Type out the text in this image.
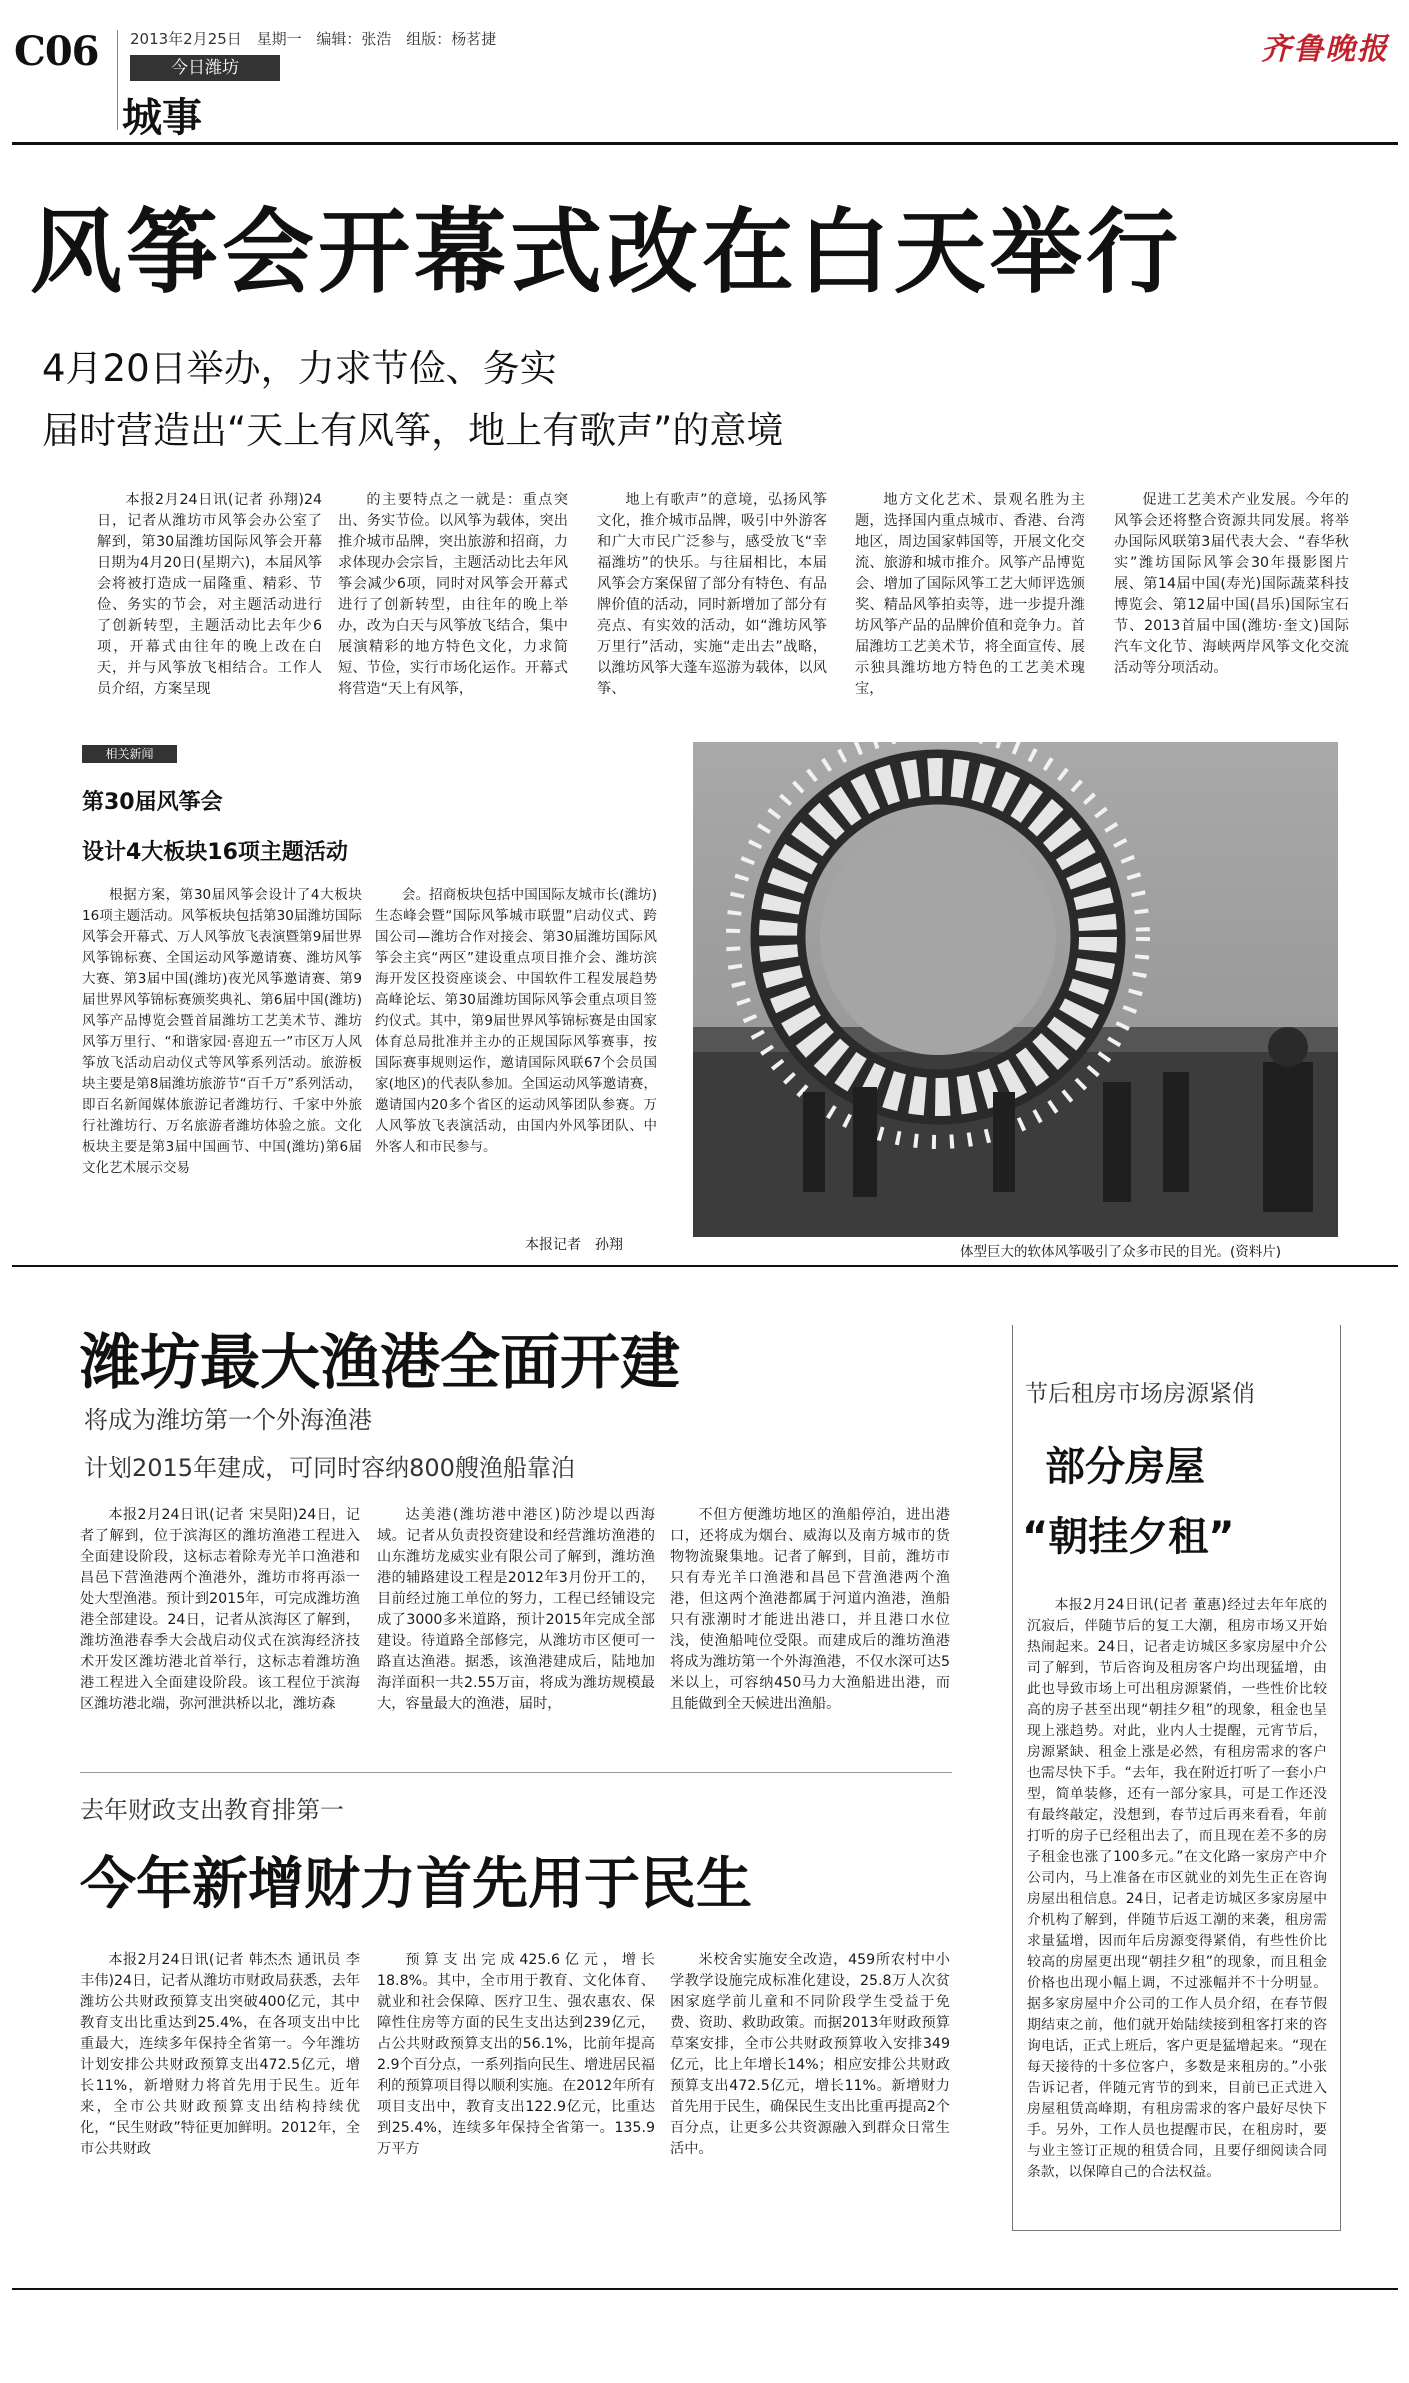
C06 2013年2月25日 星期一 编辑：张浩 组版：杨茗捷
今日潍坊
城事
齐鲁晚报
风筝会开幕式改在白天举行
4月20日举办，力求节俭、务实
届时营造出“天上有风筝，地上有歌声”的意境

本报2月24日讯(记者 孙翔)24日，记者从潍坊市风筝会办公室了解到，第30届潍坊国际风筝会开幕日期为4月20日(星期六)，本届风筝会将被打造成一届隆重、精彩、节俭、务实的节会，对主题活动进行了创新转型，主题活动比去年少6项，开幕式由往年的晚上改在白天，并与风筝放飞相结合。工作人员介绍，方案呈现

的主要特点之一就是：重点突出、务实节俭。以风筝为载体，突出推介城市品牌，突出旅游和招商，力求体现办会宗旨，主题活动比去年风筝会减少6项，同时对风筝会开幕式进行了创新转型，由往年的晚上举办，改为白天与风筝放飞结合，集中展演精彩的地方特色文化，力求简短、节俭，实行市场化运作。开幕式将营造“天上有风筝，

地上有歌声”的意境，弘扬风筝文化，推介城市品牌，吸引中外游客和广大市民广泛参与，感受放飞“幸福潍坊”的快乐。与往届相比，本届风筝会方案保留了部分有特色、有品牌价值的活动，同时新增加了部分有亮点、有实效的活动，如“潍坊风筝万里行”活动，实施“走出去”战略，以潍坊风筝大蓬车巡游为载体，以风筝、

地方文化艺术、景观名胜为主题，选择国内重点城市、香港、台湾地区，周边国家韩国等，开展文化交流、旅游和城市推介。风筝产品博览会、增加了国际风筝工艺大师评选颁奖、精品风筝拍卖等，进一步提升潍坊风筝产品的品牌价值和竞争力。首届潍坊工艺美术节，将全面宣传、展示独具潍坊地方特色的工艺美术瑰宝，

促进工艺美术产业发展。今年的风筝会还将整合资源共同发展。将举办国际风联第3届代表大会、“春华秋实”潍坊国际风筝会30年摄影图片展、第14届中国(寿光)国际蔬菜科技博览会、第12届中国(昌乐)国际宝石节、2013首届中国(潍坊·奎文)国际汽车文化节、海峡两岸风筝文化交流活动等分项活动。

相关新闻
第30届风筝会
设计4大板块16项主题活动

根据方案，第30届风筝会设计了4大板块16项主题活动。风筝板块包括第30届潍坊国际风筝会开幕式、万人风筝放飞表演暨第9届世界风筝锦标赛、全国运动风筝邀请赛、潍坊风筝大赛、第3届中国(潍坊)夜光风筝邀请赛、第9届世界风筝锦标赛颁奖典礼、第6届中国(潍坊)风筝产品博览会暨首届潍坊工艺美术节、潍坊风筝万里行、“和谐家园·喜迎五一”市区万人风筝放飞活动启动仪式等风筝系列活动。旅游板块主要是第8届潍坊旅游节“百千万”系列活动，即百名新闻媒体旅游记者潍坊行、千家中外旅行社潍坊行、万名旅游者潍坊体验之旅。文化板块主要是第3届中国画节、中国(潍坊)第6届文化艺术展示交易

会。招商板块包括中国国际友城市长(潍坊)生态峰会暨“国际风筝城市联盟”启动仪式、跨国公司—潍坊合作对接会、第30届潍坊国际风筝会主宾“两区”建设重点项目推介会、潍坊滨海开发区投资座谈会、中国软件工程发展趋势高峰论坛、第30届潍坊国际风筝会重点项目签约仪式。其中，第9届世界风筝锦标赛是由国家体育总局批准并主办的正规国际风筝赛事，按国际赛事规则运作，邀请国际风联67个会员国家(地区)的代表队参加。全国运动风筝邀请赛，邀请国内20多个省区的运动风筝团队参赛。万人风筝放飞表演活动，由国内外风筝团队、中外客人和市民参与。

本报记者　孙翔	体型巨大的软体风筝吸引了众多市民的目光。(资料片)
潍坊最大渔港全面开建
将成为潍坊第一个外海渔港
计划2015年建成，可同时容纳800艘渔船靠泊

本报2月24日讯(记者 宋昊阳)24日，记者了解到，位于滨海区的潍坊渔港工程进入全面建设阶段，这标志着除寿光羊口渔港和昌邑下营渔港两个渔港外，潍坊市将再添一处大型渔港。预计到2015年，可完成潍坊渔港全部建设。24日，记者从滨海区了解到，潍坊渔港春季大会战启动仪式在滨海经济技术开发区潍坊港北首举行，这标志着潍坊渔港工程进入全面建设阶段。该工程位于滨海区潍坊港北端，弥河泄洪桥以北，潍坊森

达美港(潍坊港中港区)防沙堤以西海域。记者从负责投资建设和经营潍坊渔港的山东潍坊龙威实业有限公司了解到，潍坊渔港的辅路建设工程是2012年3月份开工的，目前经过施工单位的努力，工程已经铺设完成了3000多米道路，预计2015年完成全部建设。待道路全部修完，从潍坊市区便可一路直达渔港。据悉，该渔港建成后，陆地加海洋面积一共2.55万亩，将成为潍坊规模最大，容量最大的渔港，届时，

不但方便潍坊地区的渔船停泊，进出港口，还将成为烟台、威海以及南方城市的货物物流聚集地。记者了解到，目前，潍坊市只有寿光羊口渔港和昌邑下营渔港两个渔港，但这两个渔港都属于河道内渔港，渔船只有涨潮时才能进出港口，并且港口水位浅，使渔船吨位受限。而建成后的潍坊渔港将成为潍坊第一个外海渔港，不仅水深可达5米以上，可容纳450马力大渔船进出港，而且能做到全天候进出渔船。

去年财政支出教育排第一
今年新增财力首先用于民生

本报2月24日讯(记者 韩杰杰 通讯员 李丰伟)24日，记者从潍坊市财政局获悉，去年潍坊公共财政预算支出突破400亿元，其中教育支出比重达到25.4%，在各项支出中比重最大，连续多年保持全省第一。今年潍坊计划安排公共财政预算支出472.5亿元，增长11%，新增财力将首先用于民生。近年来，全市公共财政预算支出结构持续优化，“民生财政”特征更加鲜明。2012年，全市公共财政

预算支出完成425.6亿元，增长18.8%。其中，全市用于教育、文化体育、就业和社会保障、医疗卫生、强农惠农、保障性住房等方面的民生支出达到239亿元，占公共财政预算支出的56.1%，比前年提高2.9个百分点，一系列指向民生、增进居民福利的预算项目得以顺利实施。在2012年所有项目支出中，教育支出122.9亿元，比重达到25.4%，连续多年保持全省第一。135.9万平方

米校舍实施安全改造，459所农村中小学教学设施完成标准化建设，25.8万人次贫困家庭学前儿童和不同阶段学生受益于免费、资助、救助政策。而据2013年财政预算草案安排，全市公共财政预算收入安排349亿元，比上年增长14%；相应安排公共财政预算支出472.5亿元，增长11%。新增财力首先用于民生，确保民生支出比重再提高2个百分点，让更多公共资源融入到群众日常生活中。

节后租房市场房源紧俏
部分房屋
“朝挂夕租”

本报2月24日讯(记者 董惠)经过去年年底的沉寂后，伴随节后的复工大潮，租房市场又开始热闹起来。24日，记者走访城区多家房屋中介公司了解到，节后咨询及租房客户均出现猛增，由此也导致市场上可出租房源紧俏，一些性价比较高的房子甚至出现“朝挂夕租”的现象，租金也呈现上涨趋势。对此，业内人士提醒，元宵节后，房源紧缺、租金上涨是必然，有租房需求的客户也需尽快下手。“去年，我在附近打听了一套小户型，简单装修，还有一部分家具，可是工作还没有最终敲定，没想到，春节过后再来看看，年前打听的房子已经租出去了，而且现在差不多的房子租金也涨了100多元。”在文化路一家房产中介公司内，马上准备在市区就业的刘先生正在咨询房屋出租信息。24日，记者走访城区多家房屋中介机构了解到，伴随节后返工潮的来袭，租房需求量猛增，因而年后房源变得紧俏，有些性价比较高的房屋更出现“朝挂夕租”的现象，而且租金价格也出现小幅上调，不过涨幅并不十分明显。据多家房屋中介公司的工作人员介绍，在春节假期结束之前，他们就开始陆续接到租客打来的咨询电话，正式上班后，客户更是猛增起来。“现在每天接待的十多位客户，多数是来租房的。”小张告诉记者，伴随元宵节的到来，目前已正式进入房屋租赁高峰期，有租房需求的客户最好尽快下手。另外，工作人员也提醒市民，在租房时，要与业主签订正规的租赁合同，且要仔细阅读合同条款，以保障自己的合法权益。
